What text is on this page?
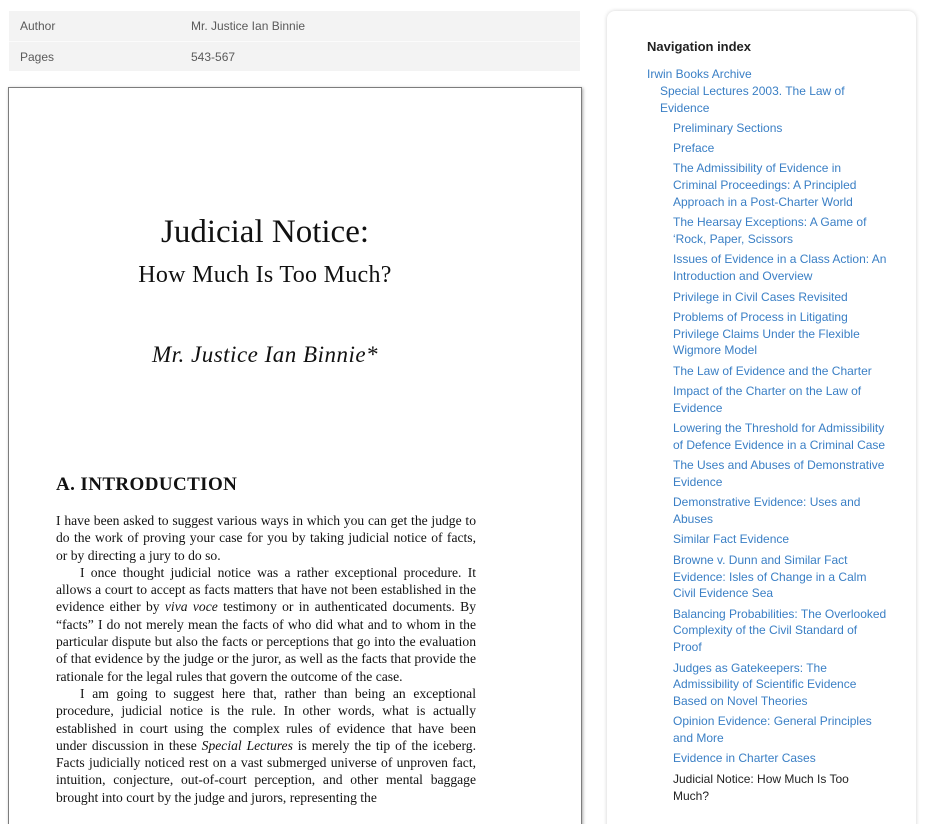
Author	Mr. Justice Ian Binnie
Pages	543-567
Judicial Notice:
How Much Is Too Much?
Mr. Justice Ian Binnie*
A. INTRODUCTION

I have been asked to suggest various ways in which you can get the judge to do the work of proving your case for you by taking judicial notice of facts, or by directing a jury to do so.

I once thought judicial notice was a rather exceptional procedure. It allows a court to accept as facts matters that have not been established in the evidence either by viva voce testimony or in authenticated documents. By “facts” I do not merely mean the facts of who did what and to whom in the particular dispute but also the facts or perceptions that go into the evaluation of that evidence by the judge or the juror, as well as the facts that provide the rationale for the legal rules that govern the outcome of the case.

I am going to suggest here that, rather than being an exceptional procedure, judicial notice is the rule. In other words, what is actually established in court using the complex rules of evidence that have been under discussion in these Special Lectures is merely the tip of the iceberg. Facts judicially noticed rest on a vast submerged universe of unproven fact, intuition, conjecture, out-of-court perception, and other mental baggage brought into court by the judge and jurors, representing the

Navigation index
Irwin Books Archive
Special Lectures 2003. The Law of Evidence
Preliminary Sections
Preface
The Admissibility of Evidence in Criminal Proceedings: A Principled Approach in a Post-Charter World
The Hearsay Exceptions: A Game of ‘Rock, Paper, Scissors
Issues of Evidence in a Class Action: An Introduction and Overview
Privilege in Civil Cases Revisited
Problems of Process in Litigating Privilege Claims Under the Flexible Wigmore Model
The Law of Evidence and the Charter
Impact of the Charter on the Law of Evidence
Lowering the Threshold for Admissibility of Defence Evidence in a Criminal Case
The Uses and Abuses of Demonstrative Evidence
Demonstrative Evidence: Uses and Abuses
Similar Fact Evidence
Browne v. Dunn and Similar Fact Evidence: Isles of Change in a Calm Civil Evidence Sea
Balancing Probabilities: The Overlooked Complexity of the Civil Standard of Proof
Judges as Gatekeepers: The Admissibility of Scientific Evidence Based on Novel Theories
Opinion Evidence: General Principles and More
Evidence in Charter Cases
Judicial Notice: How Much Is Too Much?
